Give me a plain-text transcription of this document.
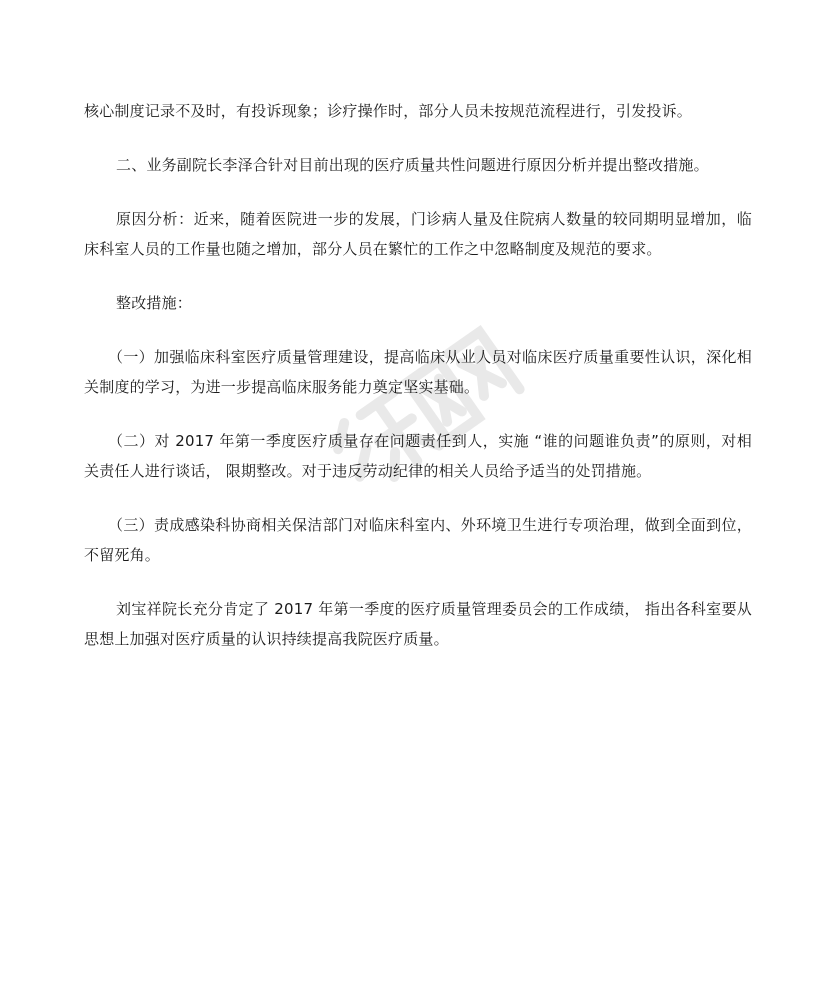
核心制度记录不及时，有投诉现象；诊疗操作时，部分人员未按规范流程进行，引发投诉。

二、业务副院长李泽合针对目前出现的医疗质量共性问题进行原因分析并提出整改措施。

原因分析：近来，随着医院进一步的发展，门诊病人量及住院病人数量的较同期明显增加，临床科室人员的工作量也随之增加，部分人员在繁忙的工作之中忽略制度及规范的要求。

整改措施：

（一）加强临床科室医疗质量管理建设，提高临床从业人员对临床医疗质量重要性认识，深化相关制度的学习，为进一步提高临床服务能力奠定坚实基础。

（二）对 2017 年第一季度医疗质量存在问题责任到人，实施 “谁的问题谁负责”的原则，对相关责任人进行谈话， 限期整改。对于违反劳动纪律的相关人员给予适当的处罚措施。

（三）责成感染科协商相关保洁部门对临床科室内、外环境卫生进行专项治理，做到全面到位，不留死角。

刘宝祥院长充分肯定了 2017 年第一季度的医疗质量管理委员会的工作成绩， 指出各科室要从思想上加强对医疗质量的认识持续提高我院医疗质量。
